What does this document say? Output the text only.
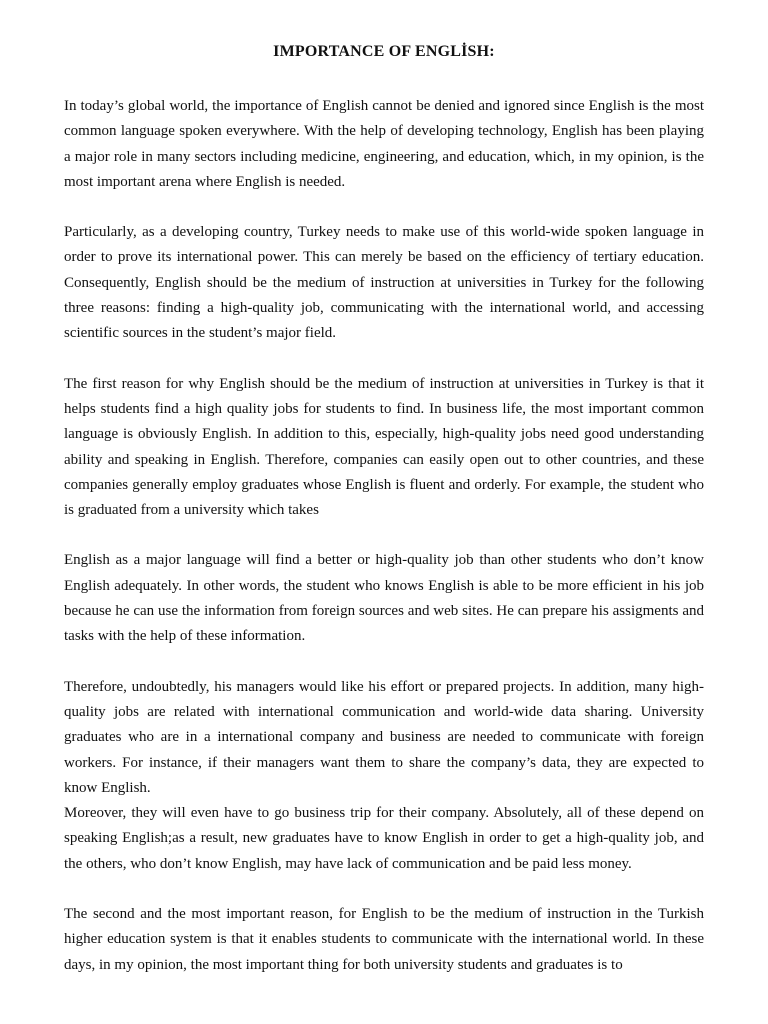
IMPORTANCE OF ENGLİSH:

In today’s global world, the importance of English cannot be denied and ignored since English is the most common language spoken everywhere. With the help of developing technology, English has been playing a major role in many sectors including medicine, engineering, and education, which, in my opinion, is the most important arena where English is needed.

Particularly, as a developing country, Turkey needs to make use of this world-wide spoken language in order to prove its international power. This can merely be based on the efficiency of tertiary education. Consequently, English should be the medium of instruction at universities in Turkey for the following three reasons: finding a high-quality job, communicating with the international world, and accessing scientific sources in the student’s major field.

The first reason for why English should be the medium of instruction at universities in Turkey is that it helps students find a high quality jobs for students to find. In business life, the most important common language is obviously English. In addition to this, especially, high-quality jobs need good understanding ability and speaking in English. Therefore, companies can easily open out to other countries, and these companies generally employ graduates whose English is fluent and orderly. For example, the student who is graduated from a university which takes

English as a major language will find a better or high-quality job than other students who don’t know English adequately. In other words, the student who knows English is able to be more efficient in his job because he can use the information from foreign sources and web sites. He can prepare his assigments and tasks with the help of these information.

Therefore, undoubtedly, his managers would like his effort or prepared projects. In addition, many high-quality jobs are related with international communication and world-wide data sharing. University graduates who are in a international company and business are needed to communicate with foreign workers. For instance, if their managers want them to share the company’s data, they are expected to know English.

Moreover, they will even have to go business trip for their company. Absolutely, all of these depend on speaking English;as a result, new graduates have to know English in order to get a high-quality job, and the others, who don’t know English, may have lack of communication and be paid less money.

The second and the most important reason, for English to be the medium of instruction in the Turkish higher education system is that it enables students to communicate with the international world. In these days, in my opinion, the most important thing for both university students and graduates is to
